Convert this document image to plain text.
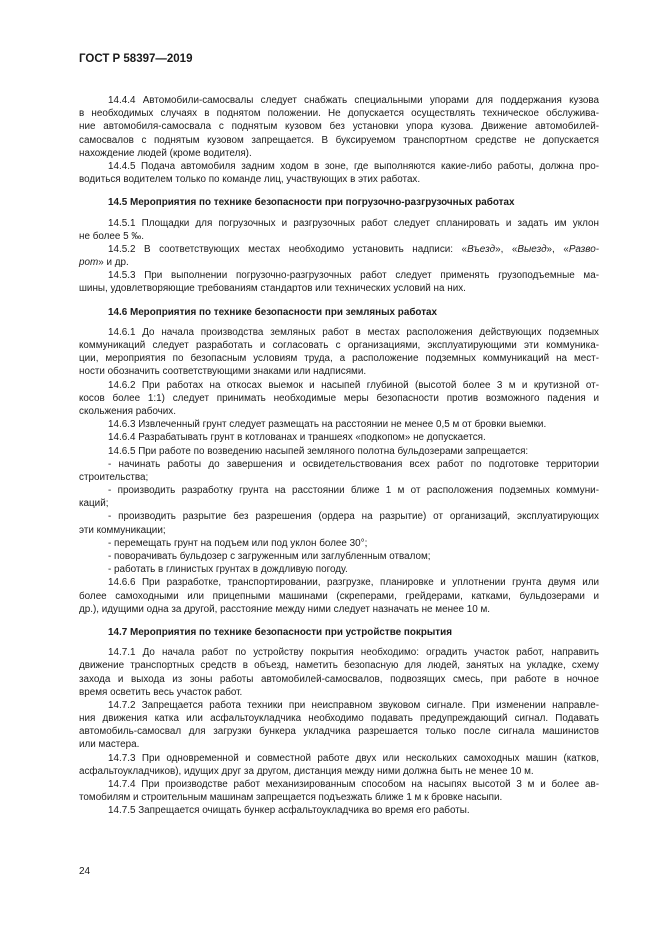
ГОСТ Р 58397—2019
14.4.4 Автомобили-самосвалы следует снабжать специальными упорами для поддержания кузова
в необходимых случаях в поднятом положении. Не допускается осуществлять техническое обслужива-
ние автомобиля-самосвала с поднятым кузовом без установки упора кузова. Движение автомобилей-
самосвалов с поднятым кузовом запрещается. В буксируемом транспортном средстве не допускается
нахождение людей (кроме водителя).
14.4.5 Подача автомобиля задним ходом в зоне, где выполняются какие-либо работы, должна про-
водиться водителем только по команде лиц, участвующих в этих работах.
14.5 Мероприятия по технике безопасности при погрузочно-разгрузочных работах
14.5.1 Площадки для погрузочных и разгрузочных работ следует спланировать и задать им уклон
не более 5 ‰.
14.5.2 В соответствующих местах необходимо установить надписи: «Въезд», «Выезд», «Разво-
рот» и др.
14.5.3 При выполнении погрузочно-разгрузочных работ следует применять грузоподъемные ма-
шины, удовлетворяющие требованиям стандартов или технических условий на них.
14.6 Мероприятия по технике безопасности при земляных работах
14.6.1 До начала производства земляных работ в местах расположения действующих подземных
коммуникаций следует разработать и согласовать с организациями, эксплуатирующими эти коммуника-
ции, мероприятия по безопасным условиям труда, а расположение подземных коммуникаций на мест-
ности обозначить соответствующими знаками или надписями.
14.6.2 При работах на откосах выемок и насыпей глубиной (высотой более 3 м и крутизной от-
косов более 1:1) следует принимать необходимые меры безопасности против возможного падения и
скольжения рабочих.
14.6.3 Извлеченный грунт следует размещать на расстоянии не менее 0,5 м от бровки выемки.
14.6.4 Разрабатывать грунт в котлованах и траншеях «подкопом» не допускается.
14.6.5 При работе по возведению насыпей земляного полотна бульдозерами запрещается:
- начинать работы до завершения и освидетельствования всех работ по подготовке территории
строительства;
- производить разработку грунта на расстоянии ближе 1 м от расположения подземных коммуни-
каций;
- производить разрытие без разрешения (ордера на разрытие) от организаций, эксплуатирующих
эти коммуникации;
- перемещать грунт на подъем или под уклон более 30°;
- поворачивать бульдозер с загруженным или заглубленным отвалом;
- работать в глинистых грунтах в дождливую погоду.
14.6.6 При разработке, транспортировании, разгрузке, планировке и уплотнении грунта двумя или
более самоходными или прицепными машинами (скреперами, грейдерами, катками, бульдозерами и
др.), идущими одна за другой, расстояние между ними следует назначать не менее 10 м.
14.7 Мероприятия по технике безопасности при устройстве покрытия
14.7.1 До начала работ по устройству покрытия необходимо: оградить участок работ, направить
движение транспортных средств в объезд, наметить безопасную для людей, занятых на укладке, схему
захода и выхода из зоны работы автомобилей-самосвалов, подвозящих смесь, при работе в ночное
время осветить весь участок работ.
14.7.2 Запрещается работа техники при неисправном звуковом сигнале. При изменении направле-
ния движения катка или асфальтоукладчика необходимо подавать предупреждающий сигнал. Подавать
автомобиль-самосвал для загрузки бункера укладчика разрешается только после сигнала машинистов
или мастера.
14.7.3 При одновременной и совместной работе двух или нескольких самоходных машин (катков,
асфальтоукладчиков), идущих друг за другом, дистанция между ними должна быть не менее 10 м.
14.7.4 При производстве работ механизированным способом на насыпях высотой 3 м и более ав-
томобилям и строительным машинам запрещается подъезжать ближе 1 м к бровке насыпи.
14.7.5 Запрещается очищать бункер асфальтоукладчика во время его работы.

24
